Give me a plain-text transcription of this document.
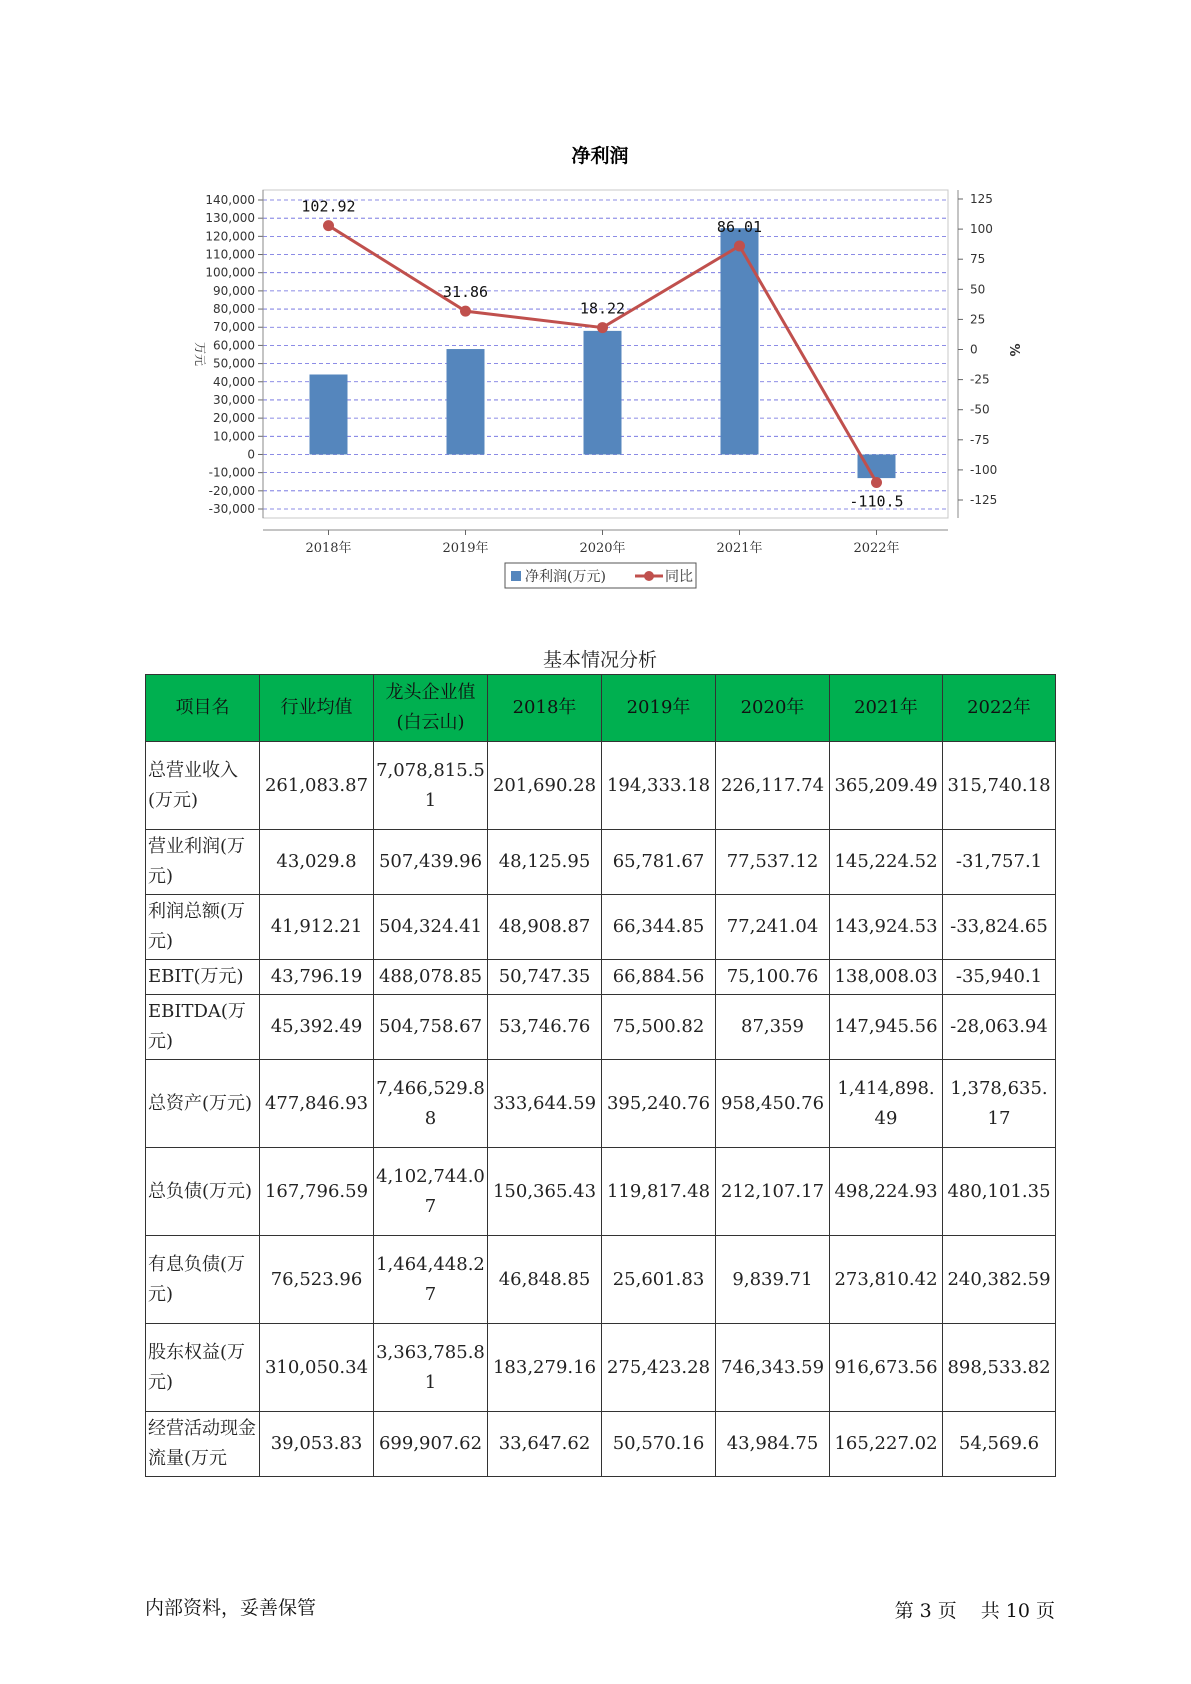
净利润
140,000
130,000
120,000
110,000
100,000
90,000
80,000
70,000
60,000
50,000
40,000
30,000
20,000
10,000
0
-10,000
-20,000
-30,000
125
100
75
50
25
0
-25
-50
-75
-100
-125
万元	%
2018年	2019年	2020年	2021年	2022年
102.92
31.86
18.22
86.01
-110.5
净利润(万元)	同比
基本情况分析
项目名	行业均值	龙头企业值(白云山)	2018年	2019年	2020年	2021年	2022年
总营业收入(万元)	261,083.87	7,078,815.51	201,690.28	194,333.18	226,117.74	365,209.49	315,740.18
营业利润(万元)	43,029.8	507,439.96	48,125.95	65,781.67	77,537.12	145,224.52	-31,757.1
利润总额(万元)	41,912.21	504,324.41	48,908.87	66,344.85	77,241.04	143,924.53	-33,824.65
EBIT(万元)	43,796.19	488,078.85	50,747.35	66,884.56	75,100.76	138,008.03	-35,940.1
EBITDA(万元)	45,392.49	504,758.67	53,746.76	75,500.82	87,359	147,945.56	-28,063.94
总资产(万元)	477,846.93	7,466,529.88	333,644.59	395,240.76	958,450.76	1,414,898.49	1,378,635.17
总负债(万元)	167,796.59	4,102,744.07	150,365.43	119,817.48	212,107.17	498,224.93	480,101.35
有息负债(万元)	76,523.96	1,464,448.27	46,848.85	25,601.83	9,839.71	273,810.42	240,382.59
股东权益(万元)	310,050.34	3,363,785.81	183,279.16	275,423.28	746,343.59	916,673.56	898,533.82
经营活动现金流量(万元	39,053.83	699,907.62	33,647.62	50,570.16	43,984.75	165,227.02	54,569.6
内部资料，妥善保管	第 3 页 共 10 页
